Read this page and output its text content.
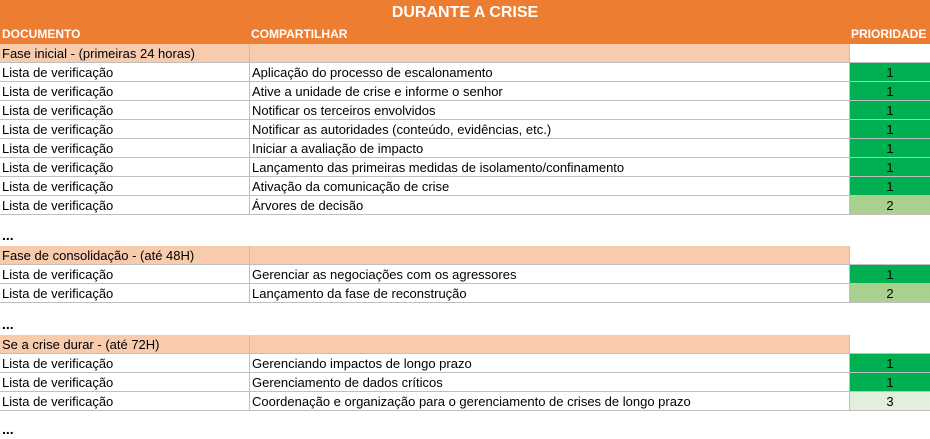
DURANTE A CRISE
DOCUMENTO	COMPARTILHAR	PRIORIDADE
Fase inicial - (primeiras 24 horas)
Lista de verificação	Aplicação do processo de escalonamento	1
Lista de verificação	Ative a unidade de crise e informe o senhor	1
Lista de verificação	Notificar os terceiros envolvidos	1
Lista de verificação	Notificar as autoridades (conteúdo, evidências, etc.)	1
Lista de verificação	Iniciar a avaliação de impacto	1
Lista de verificação	Lançamento das primeiras medidas de isolamento/confinamento	1
Lista de verificação	Ativação da comunicação de crise	1
Lista de verificação	Árvores de decisão	2
...
Fase de consolidação - (até 48H)
Lista de verificação	Gerenciar as negociações com os agressores	1
Lista de verificação	Lançamento da fase de reconstrução	2
...
Se a crise durar - (até 72H)
Lista de verificação	Gerenciando impactos de longo prazo	1
Lista de verificação	Gerenciamento de dados críticos	1
Lista de verificação	Coordenação e organização para o gerenciamento de crises de longo prazo	3
...
